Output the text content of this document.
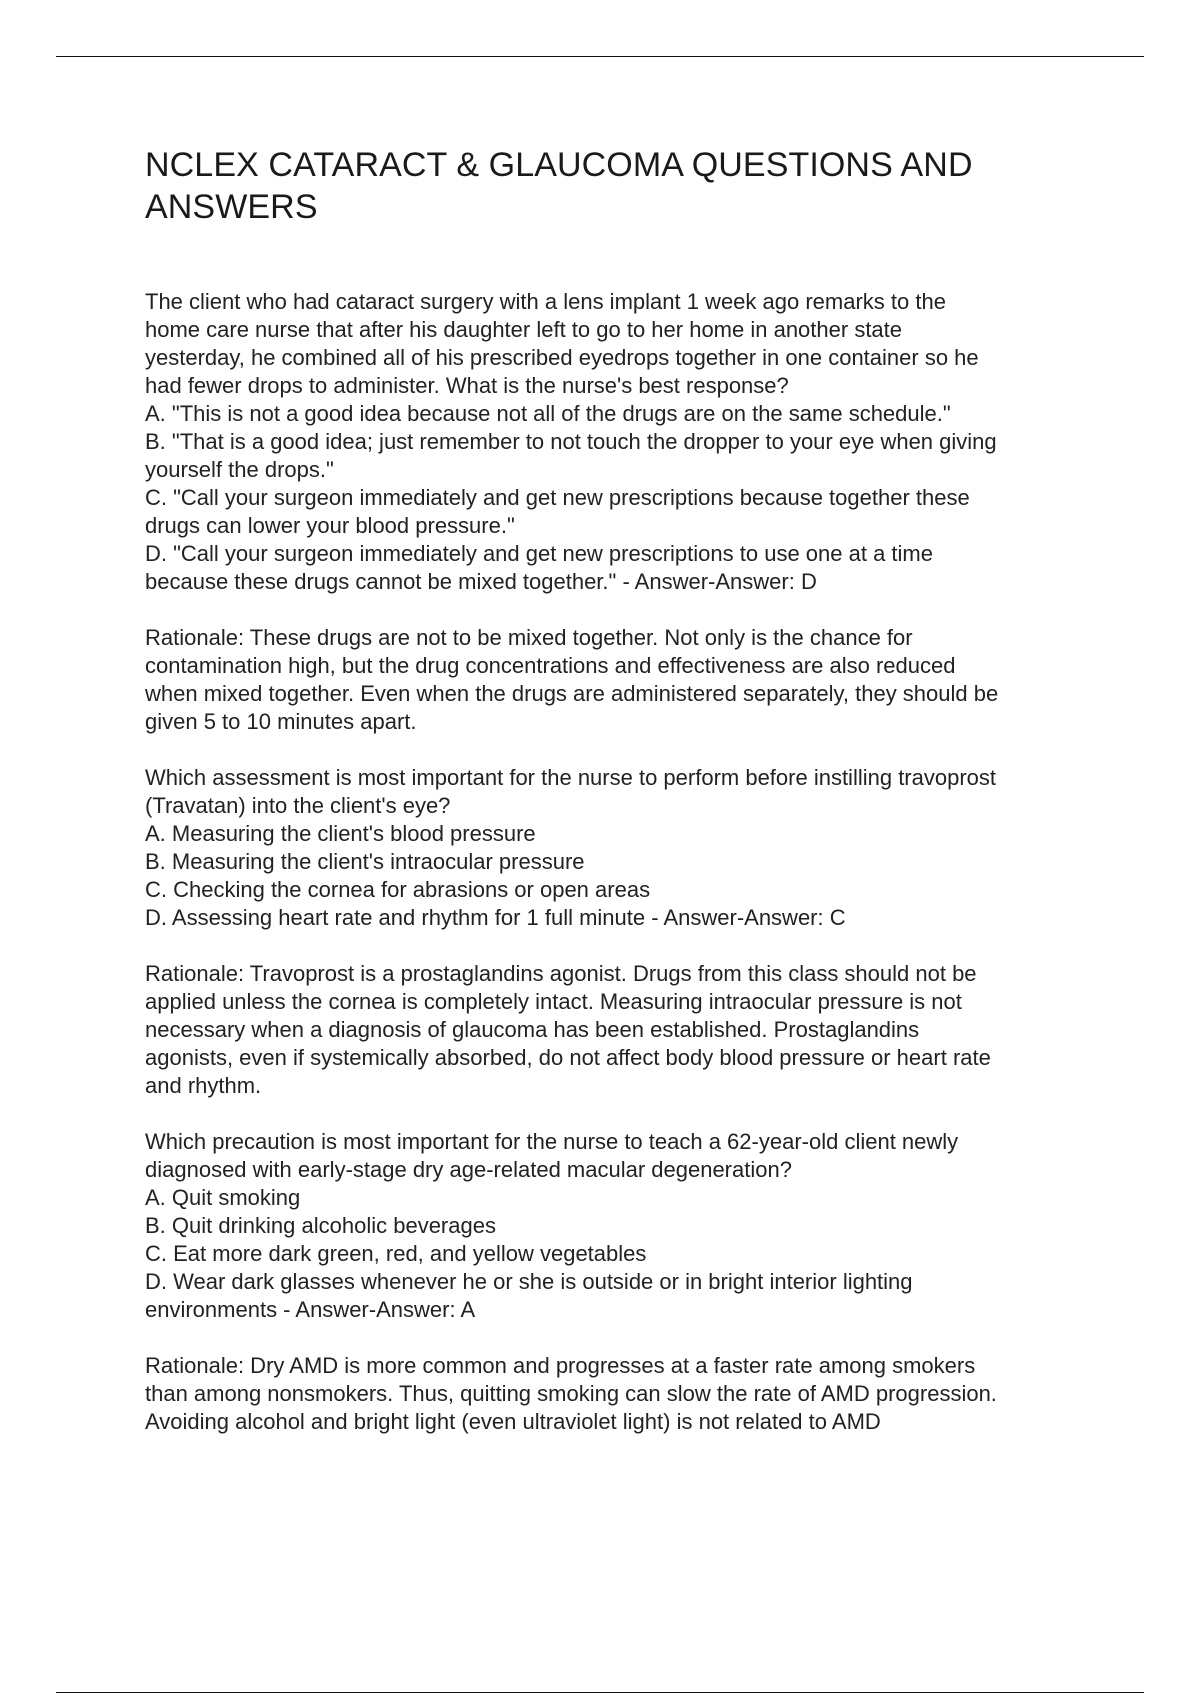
NCLEX CATARACT & GLAUCOMA QUESTIONS AND
ANSWERS

The client who had cataract surgery with a lens implant 1 week ago remarks to the
home care nurse that after his daughter left to go to her home in another state
yesterday, he combined all of his prescribed eyedrops together in one container so he
had fewer drops to administer. What is the nurse's best response?
A. "This is not a good idea because not all of the drugs are on the same schedule."
B. "That is a good idea; just remember to not touch the dropper to your eye when giving
yourself the drops."
C. "Call your surgeon immediately and get new prescriptions because together these
drugs can lower your blood pressure."
D. "Call your surgeon immediately and get new prescriptions to use one at a time
because these drugs cannot be mixed together." - Answer-Answer: D

Rationale: These drugs are not to be mixed together. Not only is the chance for
contamination high, but the drug concentrations and effectiveness are also reduced
when mixed together. Even when the drugs are administered separately, they should be
given 5 to 10 minutes apart.

Which assessment is most important for the nurse to perform before instilling travoprost
(Travatan) into the client's eye?
A. Measuring the client's blood pressure
B. Measuring the client's intraocular pressure
C. Checking the cornea for abrasions or open areas
D. Assessing heart rate and rhythm for 1 full minute - Answer-Answer: C

Rationale: Travoprost is a prostaglandins agonist. Drugs from this class should not be
applied unless the cornea is completely intact. Measuring intraocular pressure is not
necessary when a diagnosis of glaucoma has been established. Prostaglandins
agonists, even if systemically absorbed, do not affect body blood pressure or heart rate
and rhythm.

Which precaution is most important for the nurse to teach a 62-year-old client newly
diagnosed with early-stage dry age-related macular degeneration?
A. Quit smoking
B. Quit drinking alcoholic beverages
C. Eat more dark green, red, and yellow vegetables
D. Wear dark glasses whenever he or she is outside or in bright interior lighting
environments - Answer-Answer: A

Rationale: Dry AMD is more common and progresses at a faster rate among smokers
than among nonsmokers. Thus, quitting smoking can slow the rate of AMD progression.
Avoiding alcohol and bright light (even ultraviolet light) is not related to AMD
